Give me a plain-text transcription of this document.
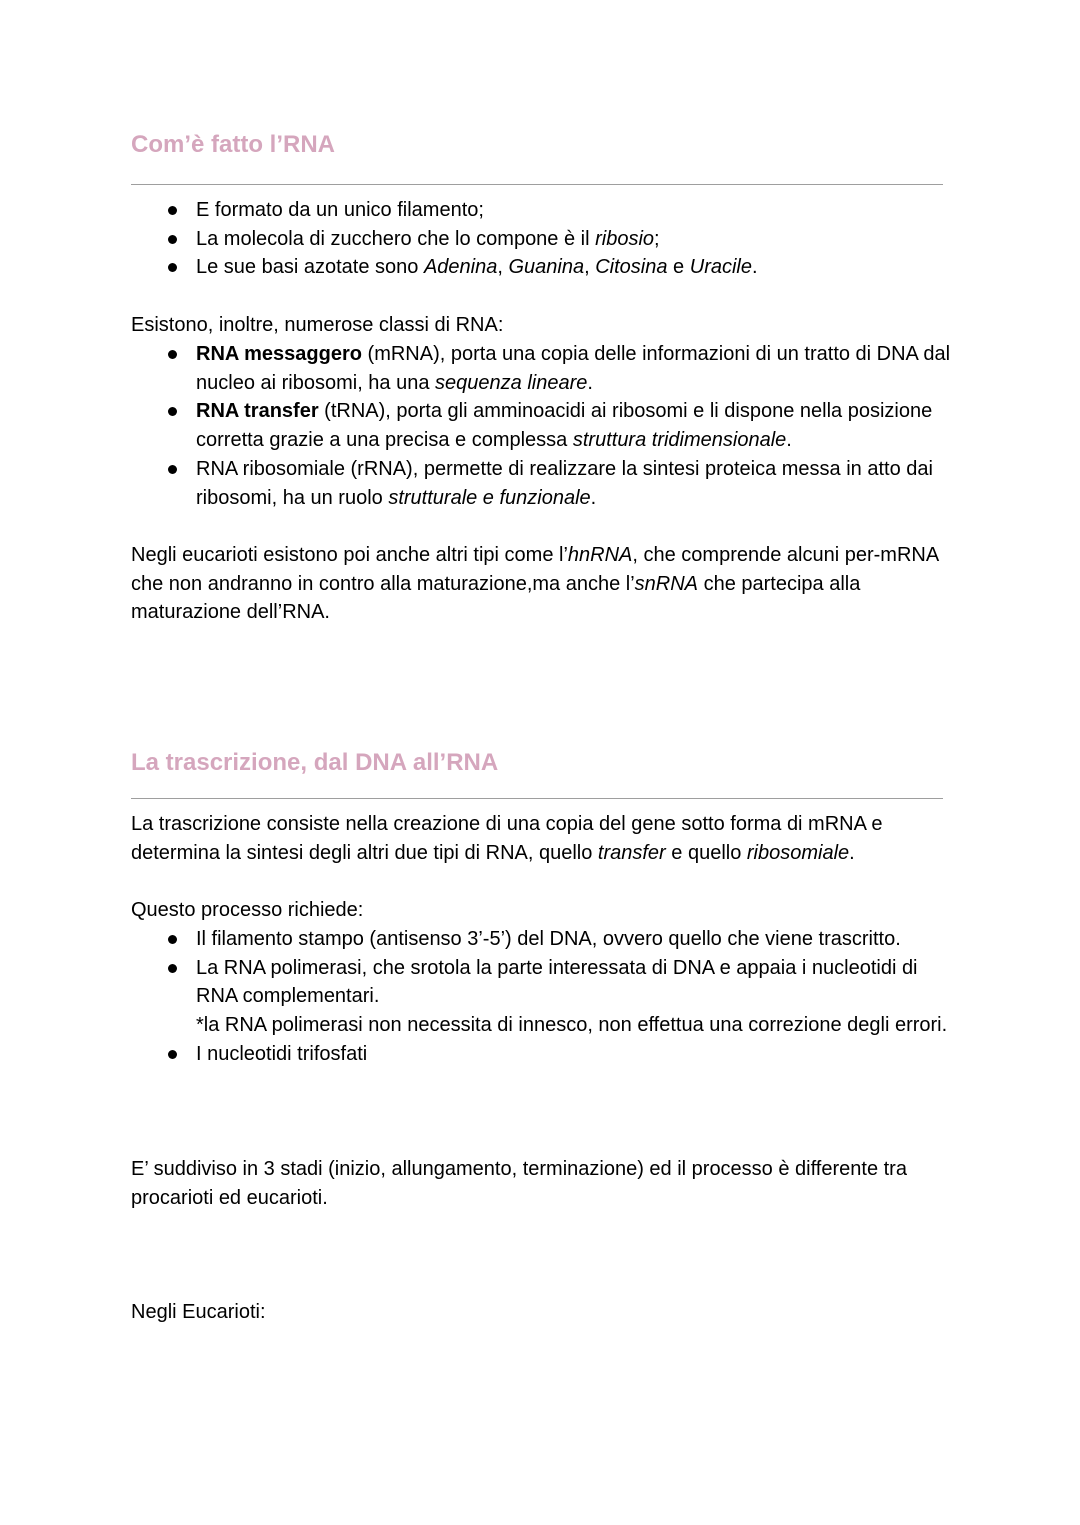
Com’è fatto l’RNA
E formato da un unico filamento;
La molecola di zucchero che lo compone è il ribosio;
Le sue basi azotate sono Adenina, Guanina, Citosina e Uracile.

Esistono, inoltre, numerose classi di RNA:

RNA messaggero (mRNA), porta una copia delle informazioni di un tratto di DNA dal nucleo ai ribosomi, ha una sequenza lineare.
RNA transfer (tRNA), porta gli amminoacidi ai ribosomi e li dispone nella posizione corretta grazie a una precisa e complessa struttura tridimensionale.
RNA ribosomiale (rRNA), permette di realizzare la sintesi proteica messa in atto dai ribosomi, ha un ruolo strutturale e funzionale.

Negli eucarioti esistono poi anche altri tipi come l’hnRNA, che comprende alcuni per-mRNA che non andranno in contro alla maturazione,ma anche l’snRNA che partecipa alla maturazione dell’RNA.

La trascrizione, dal DNA all’RNA

La trascrizione consiste nella creazione di una copia del gene sotto forma di mRNA e determina la sintesi degli altri due tipi di RNA, quello transfer e quello ribosomiale.

Questo processo richiede:

Il filamento stampo (antisenso 3’-5’) del DNA, ovvero quello che viene trascritto.
La RNA polimerasi, che srotola la parte interessata di DNA e appaia i nucleotidi di RNA complementari.
*la RNA polimerasi non necessita di innesco, non effettua una correzione degli errori.
I nucleotidi trifosfati

E’ suddiviso in 3 stadi (inizio, allungamento, terminazione) ed il processo è differente tra procarioti ed eucarioti.

Negli Eucarioti:
